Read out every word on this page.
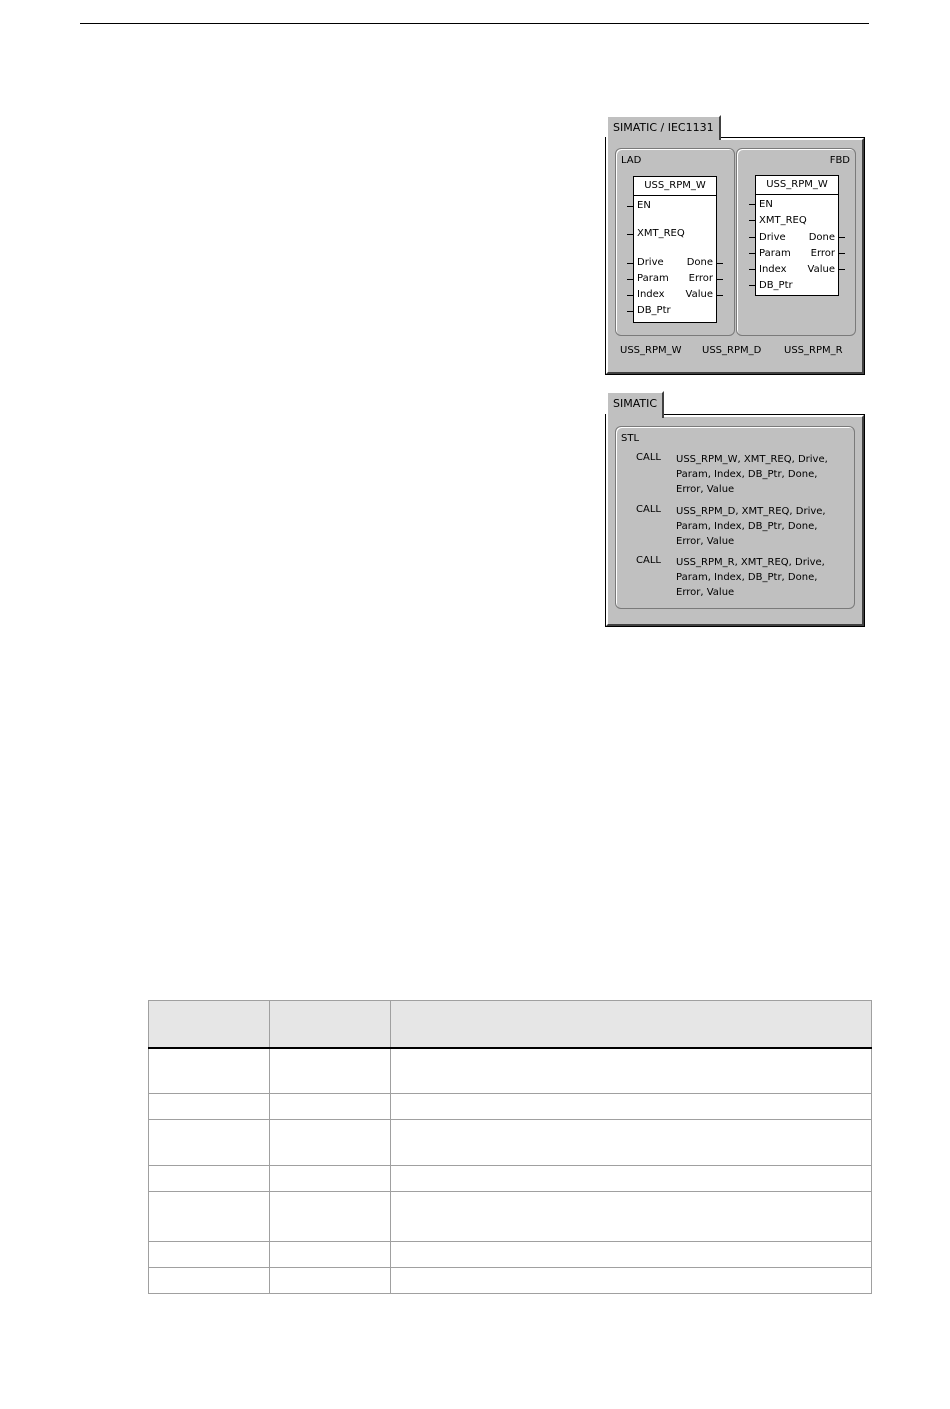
SIMATIC / IEC1131
LAD
USS_RPM_W
EN
XMT_REQ
Drive
Param
Index
DB_Ptr
Done
Error
Value
FBD
USS_RPM_W
EN
XMT_REQ
Drive
Param
Index
DB_Ptr
Done
Error
Value
USS_RPM_W USS_RPM_D USS_RPM_R
SIMATIC
STL
CALL USS_RPM_W, XMT_REQ, Drive,
Param, Index, DB_Ptr, Done,
Error, Value
CALL USS_RPM_D, XMT_REQ, Drive,
Param, Index, DB_Ptr, Done,
Error, Value
CALL USS_RPM_R, XMT_REQ, Drive,
Param, Index, DB_Ptr, Done,
Error, Value
